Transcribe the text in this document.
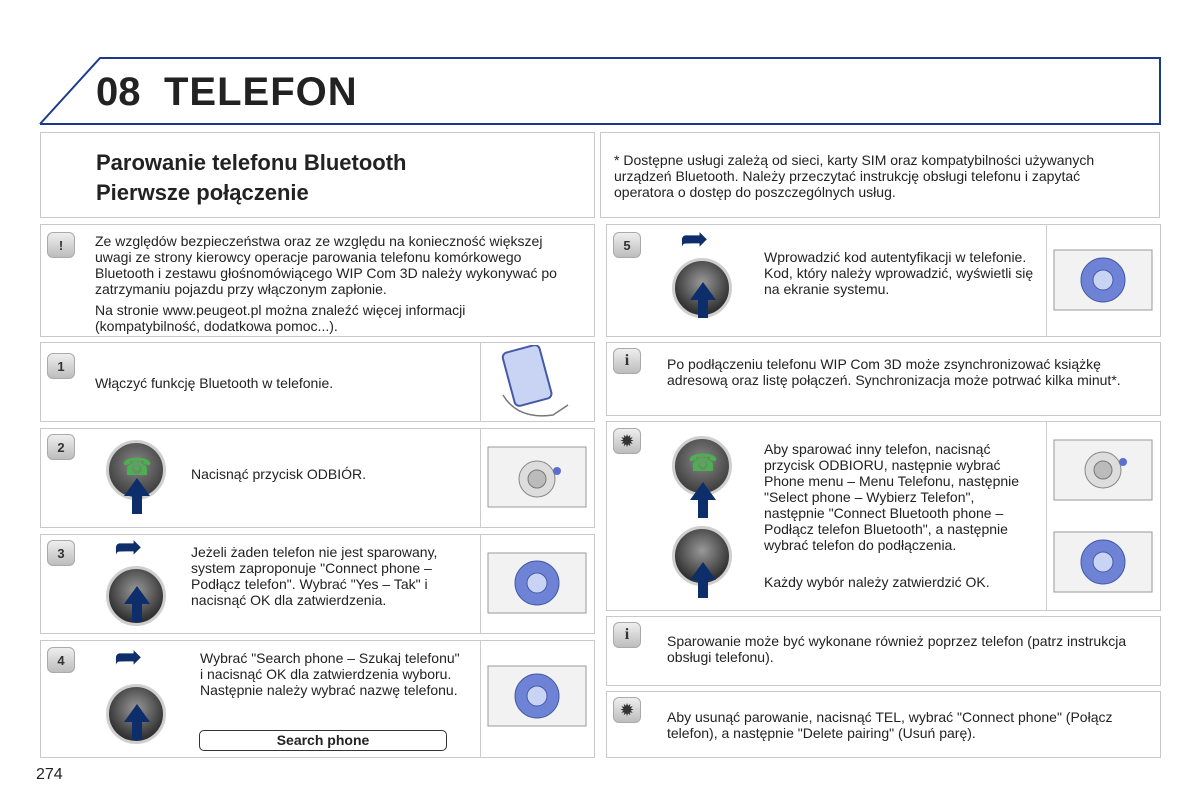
08 TELEFON
Parowanie telefonu Bluetooth
Pierwsze połączenie
* Dostępne usługi zależą od sieci, karty SIM oraz kompatybilności używanych urządzeń Bluetooth. Należy przeczytać instrukcję obsługi telefonu i zapytać operatora o dostęp do poszczególnych usług.
!	Ze względów bezpieczeństwa oraz ze względu na konieczność większej uwagi ze strony kierowcy operacje parowania telefonu komórkowego Bluetooth i zestawu głośnomówiącego WIP Com 3D należy wykonywać po zatrzymaniu pojazdu przy włączonym zapłonie.
Na stronie www.peugeot.pl można znaleźć więcej informacji (kompatybilność, dodatkowa pomoc...).
1
Włączyć funkcję Bluetooth w telefonie.
2
☎	Nacisnąć przycisk ODBIÓR.
3	➦	Jeżeli żaden telefon nie jest sparowany, system zaproponuje "Connect phone – Podłącz telefon". Wybrać "Yes – Tak" i nacisnąć OK dla zatwierdzenia.
4	➦	Wybrać "Search phone – Szukaj telefonu" i nacisnąć OK dla zatwierdzenia wyboru. Następnie należy wybrać nazwę telefonu.
Search phone
5	➦	Wprowadzić kod autentyfikacji w telefonie. Kod, który należy wprowadzić, wyświetli się na ekranie systemu.
i	Po podłączeniu telefonu WIP Com 3D może zsynchronizować książkę adresową oraz listę połączeń. Synchronizacja może potrwać kilka minut*.
✹
☎
Aby sparować inny telefon, nacisnąć przycisk ODBIORU, następnie wybrać Phone menu – Menu Telefonu, następnie "Select phone – Wybierz Telefon", następnie "Connect Bluetooth phone – Podłącz telefon Bluetooth", a następnie wybrać telefon do podłączenia.
Każdy wybór należy zatwierdzić OK.
i	Sparowanie może być wykonane również poprzez telefon (patrz instrukcja obsługi telefonu).
✹	Aby usunąć parowanie, nacisnąć TEL, wybrać "Connect phone" (Połącz telefon), a następnie "Delete pairing" (Usuń parę).
274
